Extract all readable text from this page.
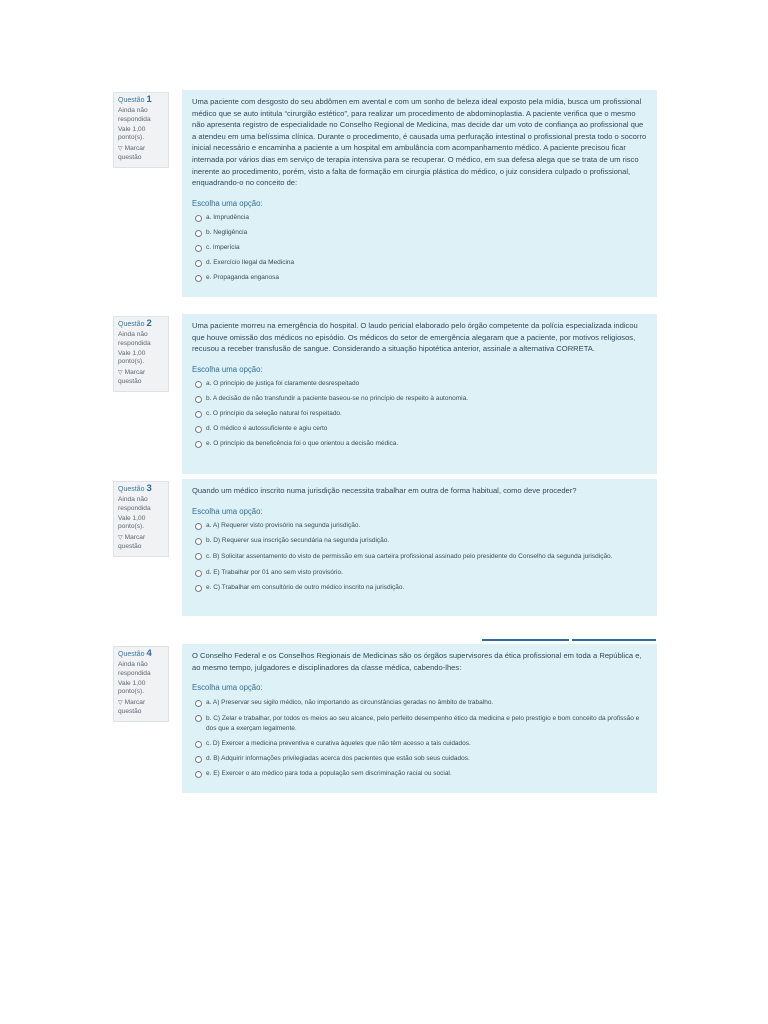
Questão 1
Ainda não respondida
Vale 1,00 ponto(s).
▽ Marcar questão
Uma paciente com desgosto do seu abdômen em avental e com um sonho de beleza ideal exposto pela mídia, busca um profissional médico que se auto intitula “cirurgião estético”, para realizar um procedimento de abdominoplastia. A paciente verifica que o mesmo não apresenta registro de especialidade no Conselho Regional de Medicina, mas decide dar um voto de confiança ao profissional que a atendeu em uma belíssima clínica. Durante o procedimento, é causada uma perfuração intestinal o profissional presta todo o socorro inicial necessário e encaminha a paciente a um hospital em ambulância com acompanhamento médico. A paciente precisou ficar internada por vários dias em serviço de terapia intensiva para se recuperar. O médico, em sua defesa alega que se trata de um risco inerente ao procedimento, porém, visto a falta de formação em cirurgia plástica do médico, o juiz considera culpado o profissional, enquadrando-o no conceito de:
Escolha uma opção:
a. Imprudência
b. Negligência
c. Imperícia
d. Exercício Ilegal da Medicina
e. Propaganda enganosa
Questão 2
Ainda não respondida
Vale 1,00 ponto(s).
▽ Marcar questão
Uma paciente morreu na emergência do hospital. O laudo pericial elaborado pelo órgão competente da polícia especializada indicou que houve omissão dos médicos no episódio. Os médicos do setor de emergência alegaram que a paciente, por motivos religiosos, recusou a receber transfusão de sangue. Considerando a situação hipotética anterior, assinale a alternativa CORRETA.
Escolha uma opção:
a. O princípio de justiça foi claramente desrespeitado
b. A decisão de não transfundir a paciente baseou-se no princípio de respeito à autonomia.
c. O princípio da seleção natural foi respeitado.
d. O médico é autossuficiente e agiu certo
e. O princípio da beneficência foi o que orientou a decisão médica.
Questão 3
Ainda não respondida
Vale 1,00 ponto(s).
▽ Marcar questão
Quando um médico inscrito numa jurisdição necessita trabalhar em outra de forma habitual, como deve proceder?
Escolha uma opção:
a. A) Requerer visto provisório na segunda jurisdição.
b. D) Requerer sua inscrição secundária na segunda jurisdição.
c. B) Solicitar assentamento do visto de permissão em sua carteira profissional assinado pelo presidente do Conselho da segunda jurisdição.
d. E) Trabalhar por 01 ano sem visto provisório.
e. C) Trabalhar em consultório de outro médico inscrito na jurisdição.
Questão 4
Ainda não respondida
Vale 1,00 ponto(s).
▽ Marcar questão
O Conselho Federal e os Conselhos Regionais de Medicinas são os órgãos supervisores da ética profissional em toda a República e, ao mesmo tempo, julgadores e disciplinadores da classe médica, cabendo-lhes:
Escolha uma opção:
a. A) Preservar seu sigilo médico, não importando as circunstâncias geradas no âmbito de trabalho.
b. C) Zelar e trabalhar, por todos os meios ao seu alcance, pelo perfeito desempenho ético da medicina e pelo prestígio e bom conceito da profissão e dos que a exerçam legalmente.
c. D) Exercer a medicina preventiva e curativa àqueles que não têm acesso a tais cuidados.
d. B) Adquirir informações privilegiadas acerca dos pacientes que estão sob seus cuidados.
e. E) Exercer o ato médico para toda a população sem discriminação racial ou social.
